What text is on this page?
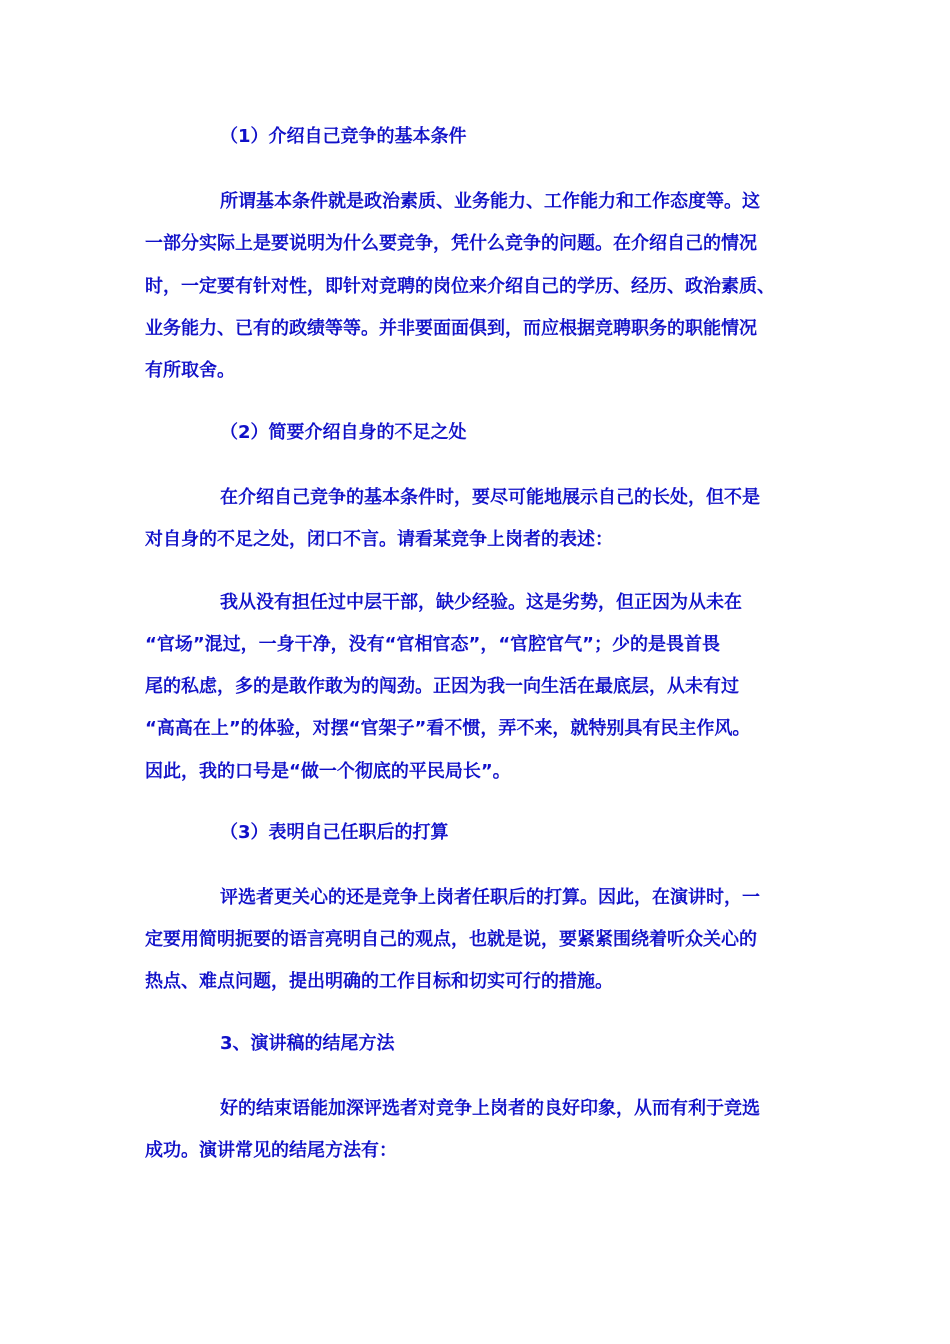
（1）介绍自己竞争的基本条件

所谓基本条件就是政治素质、业务能力、工作能力和工作态度等。这

一部分实际上是要说明为什么要竞争，凭什么竞争的问题。在介绍自己的情况

时，一定要有针对性，即针对竞聘的岗位来介绍自己的学历、经历、政治素质、

业务能力、已有的政绩等等。并非要面面俱到，而应根据竞聘职务的职能情况

有所取舍。

（2）简要介绍自身的不足之处

在介绍自己竞争的基本条件时，要尽可能地展示自己的长处，但不是

对自身的不足之处，闭口不言。请看某竞争上岗者的表述：

我从没有担任过中层干部，缺少经验。这是劣势，但正因为从未在

“官场”混过，一身干净，没有“官相官态”，“官腔官气”；少的是畏首畏

尾的私虑，多的是敢作敢为的闯劲。正因为我一向生活在最底层，从未有过

“高高在上”的体验，对摆“官架子”看不惯，弄不来，就特别具有民主作风。

因此，我的口号是“做一个彻底的平民局长”。

（3）表明自己任职后的打算

评选者更关心的还是竞争上岗者任职后的打算。因此，在演讲时，一

定要用简明扼要的语言亮明自己的观点，也就是说，要紧紧围绕着听众关心的

热点、难点问题，提出明确的工作目标和切实可行的措施。

3、演讲稿的结尾方法

好的结束语能加深评选者对竞争上岗者的良好印象，从而有利于竞选

成功。演讲常见的结尾方法有：
